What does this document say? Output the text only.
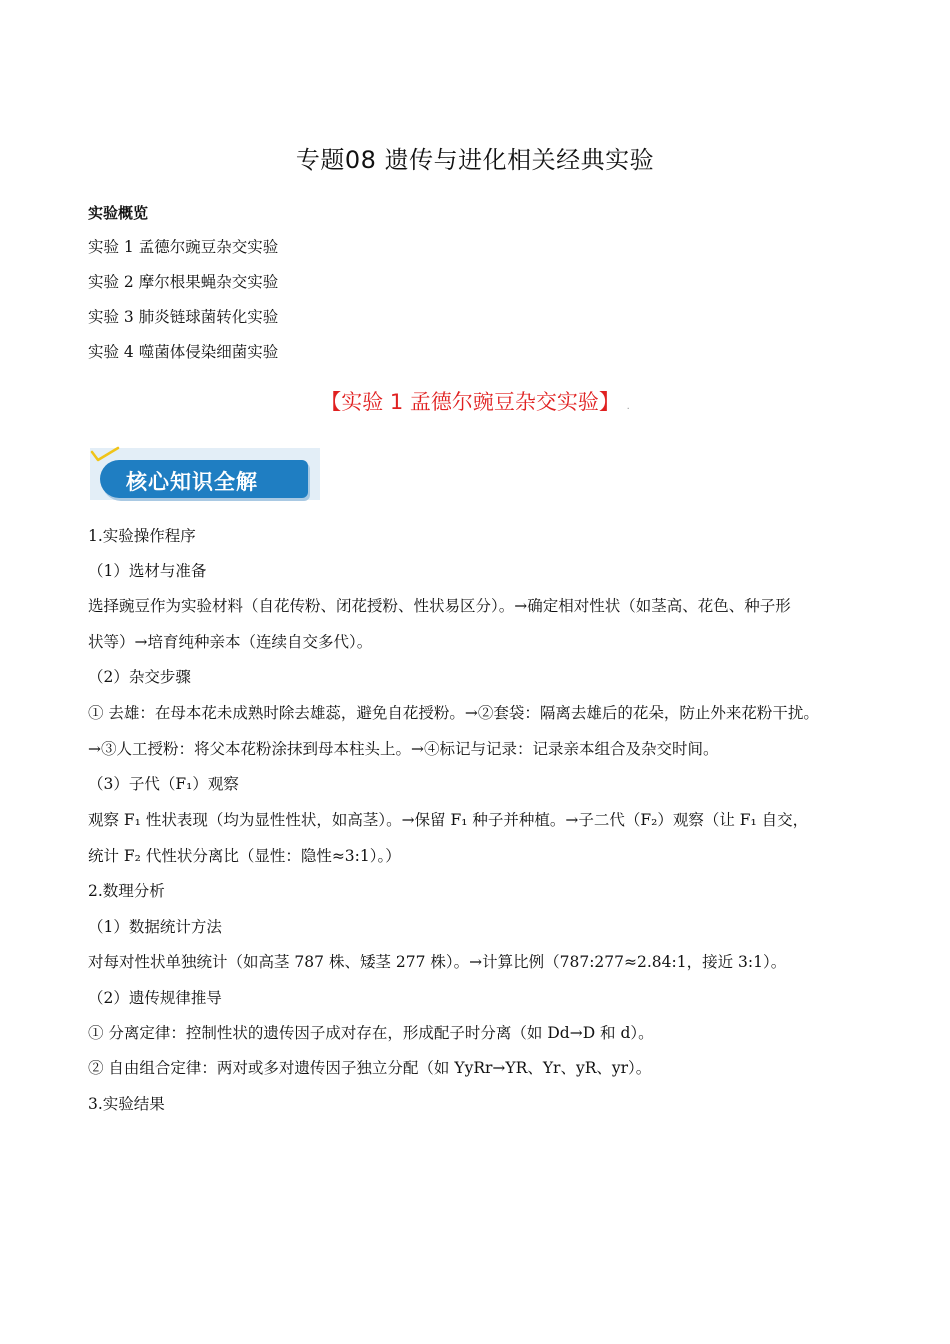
专题08 遗传与进化相关经典实验
实验概览
实验 1 孟德尔豌豆杂交实验
实验 2 摩尔根果蝇杂交实验
实验 3 肺炎链球菌转化实验
实验 4 噬菌体侵染细菌实验
【实验 1 孟德尔豌豆杂交实验】 .
核心知识全解
1.实验操作程序
（1）选材与准备
选择豌豆作为实验材料（自花传粉、闭花授粉、性状易区分）。→确定相对性状（如茎高、花色、种子形
状等）→培育纯种亲本（连续自交多代）。
（2）杂交步骤
① 去雄：在母本花未成熟时除去雄蕊，避免自花授粉。→②套袋：隔离去雄后的花朵，防止外来花粉干扰。
→③人工授粉：将父本花粉涂抹到母本柱头上。→④标记与记录：记录亲本组合及杂交时间。
（3）子代（F₁）观察
观察 F₁ 性状表现（均为显性性状，如高茎）。→保留 F₁ 种子并种植。→子二代（F₂）观察（让 F₁ 自交，
统计 F₂ 代性状分离比（显性：隐性≈3:1）。）
2.数理分析
（1）数据统计方法
对每对性状单独统计（如高茎 787 株、矮茎 277 株）。→计算比例（787:277≈2.84:1，接近 3:1）。
（2）遗传规律推导
① 分离定律：控制性状的遗传因子成对存在，形成配子时分离（如 Dd→D 和 d）。
② 自由组合定律：两对或多对遗传因子独立分配（如 YyRr→YR、Yr、yR、yr）。
3.实验结果
